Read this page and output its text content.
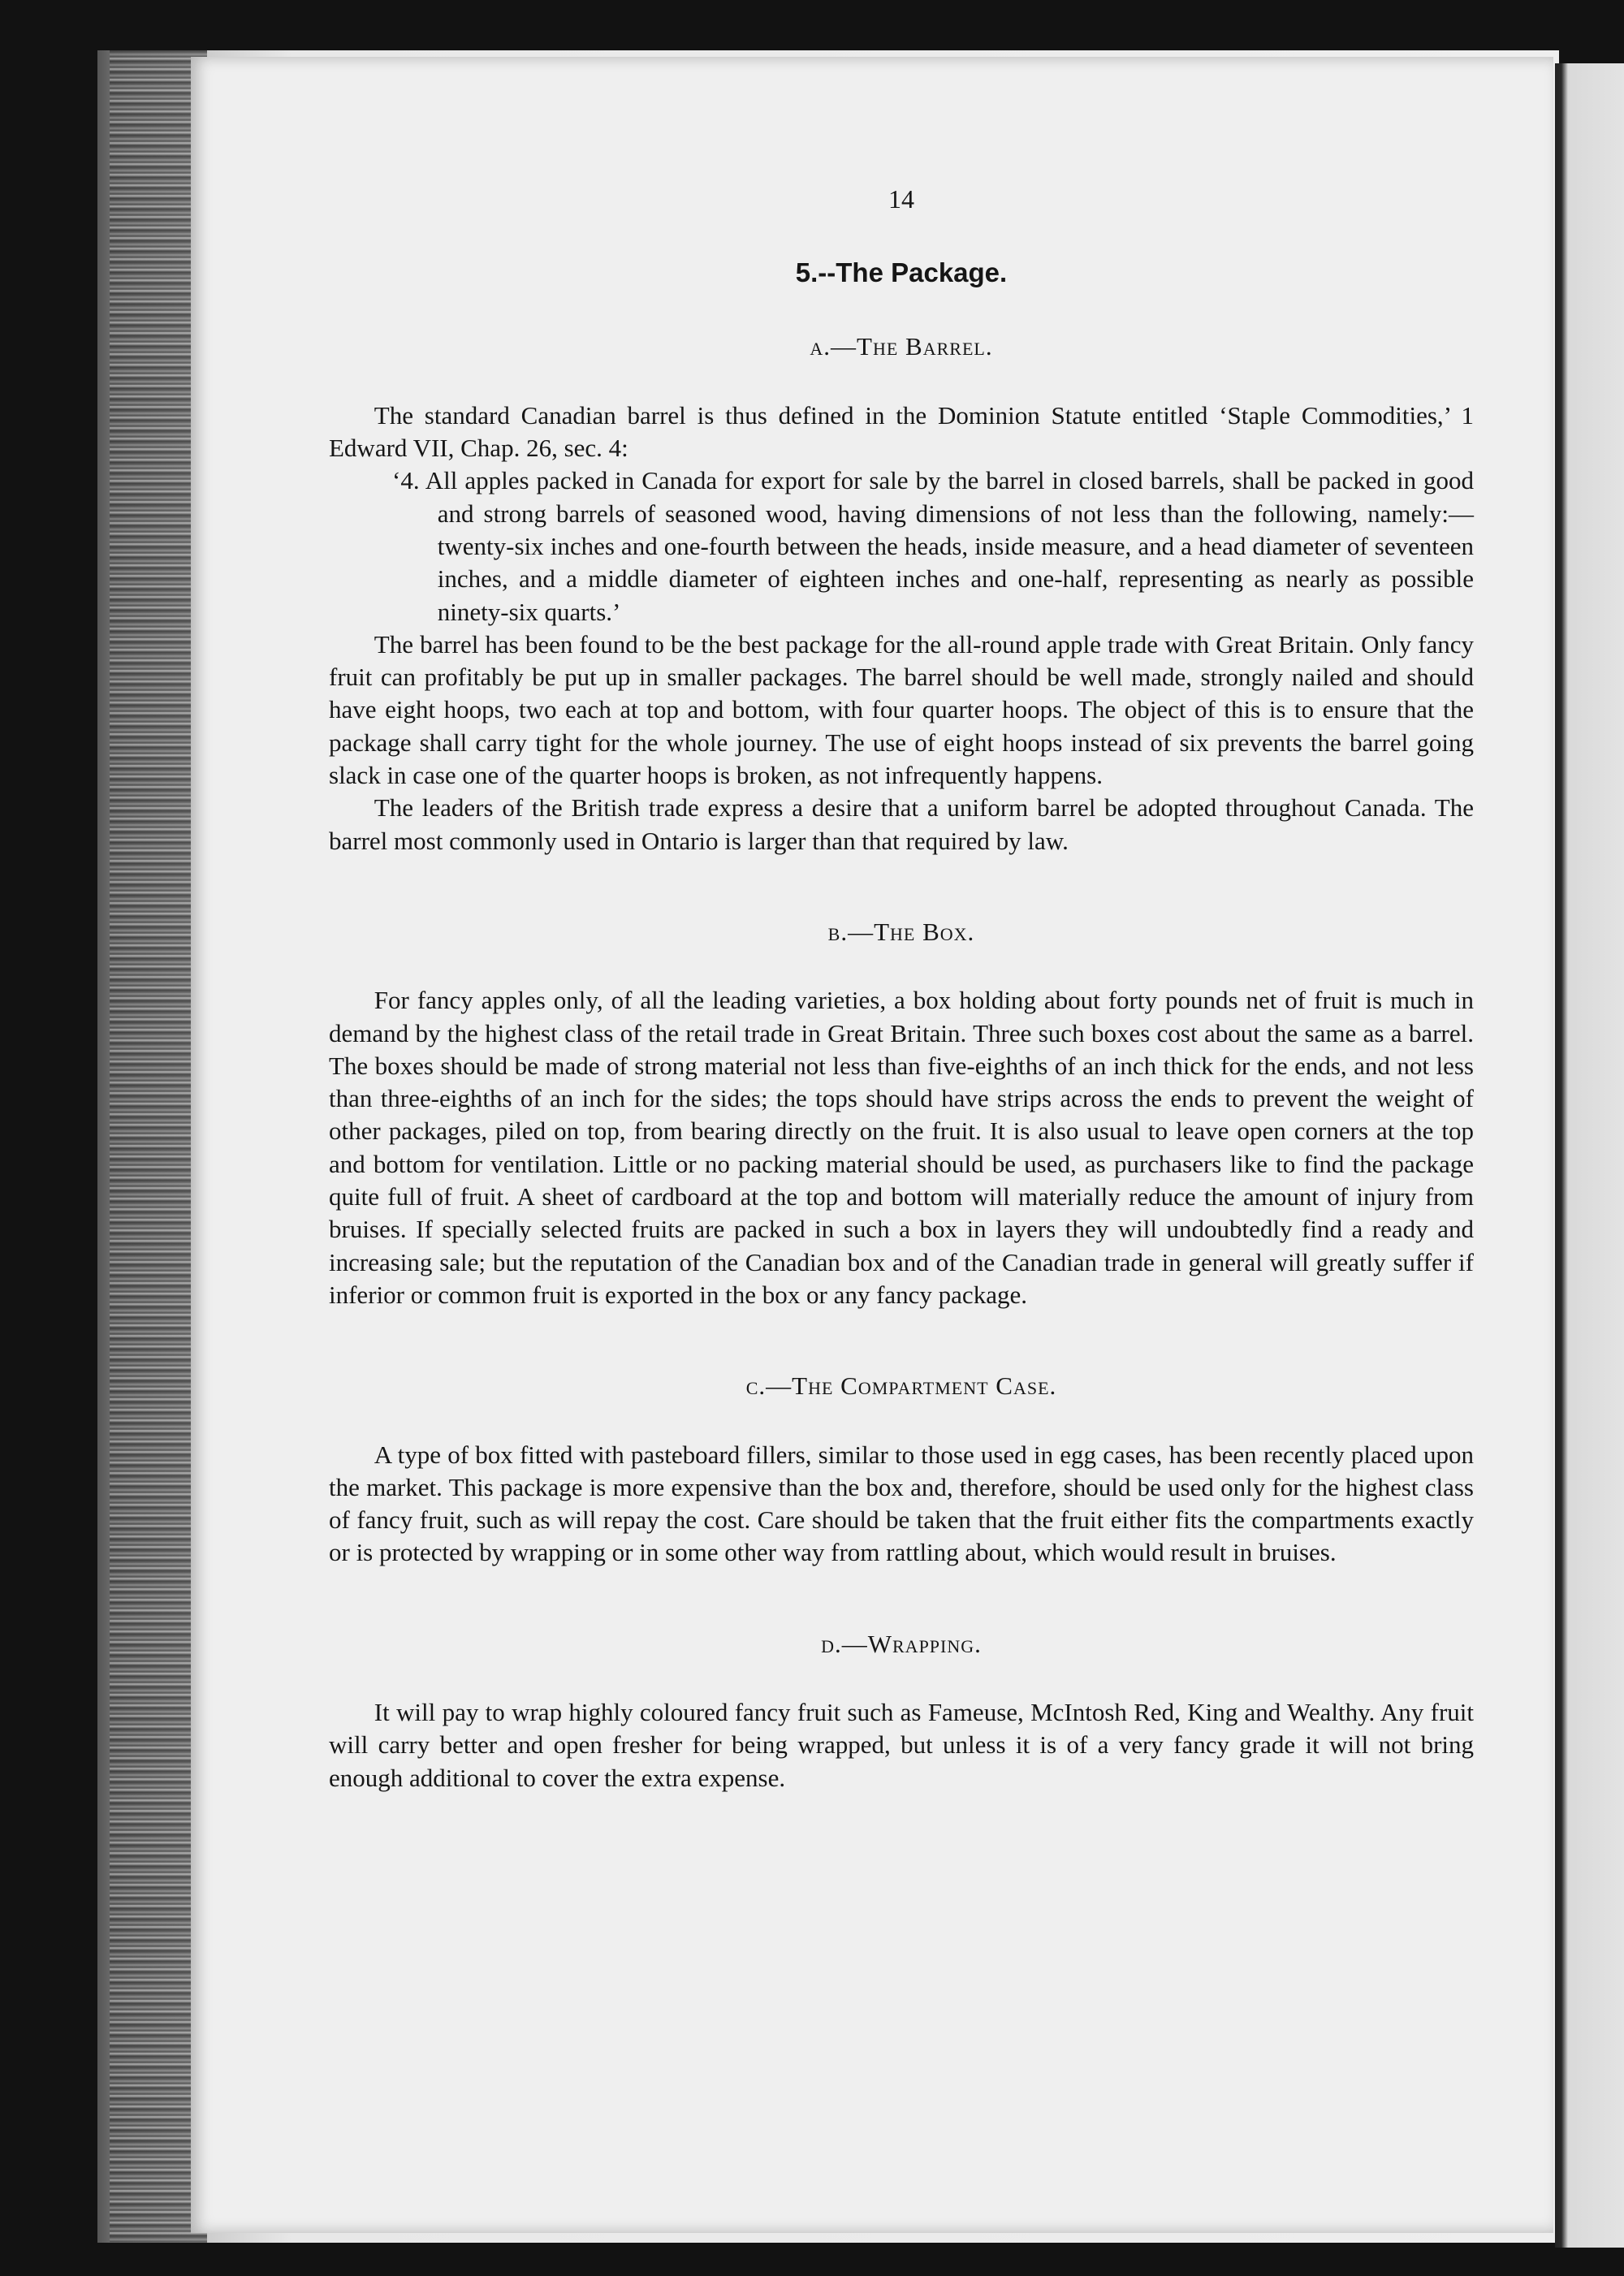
14
5.--The Package.
a.—The Barrel.

The standard Canadian barrel is thus defined in the Dominion Statute entitled ‘Staple Commodities,’ 1 Edward VII, Chap. 26, sec. 4:

‘4. All apples packed in Canada for export for sale by the barrel in closed barrels, shall be packed in good and strong barrels of seasoned wood, having dimensions of not less than the following, namely:—twenty-six inches and one-fourth between the heads, inside measure, and a head diameter of seventeen inches, and a middle diameter of eighteen inches and one-half, representing as nearly as possible ninety-six quarts.’

The barrel has been found to be the best package for the all-round apple trade with Great Britain. Only fancy fruit can profitably be put up in smaller packages. The barrel should be well made, strongly nailed and should have eight hoops, two each at top and bottom, with four quarter hoops. The object of this is to ensure that the package shall carry tight for the whole journey. The use of eight hoops instead of six prevents the barrel going slack in case one of the quarter hoops is broken, as not infrequently happens.

The leaders of the British trade express a desire that a uniform barrel be adopted throughout Canada. The barrel most commonly used in Ontario is larger than that required by law.

b.—The Box.

For fancy apples only, of all the leading varieties, a box holding about forty pounds net of fruit is much in demand by the highest class of the retail trade in Great Britain. Three such boxes cost about the same as a barrel. The boxes should be made of strong material not less than five-eighths of an inch thick for the ends, and not less than three-eighths of an inch for the sides; the tops should have strips across the ends to prevent the weight of other packages, piled on top, from bearing directly on the fruit. It is also usual to leave open corners at the top and bottom for ventilation. Little or no packing material should be used, as purchasers like to find the package quite full of fruit. A sheet of cardboard at the top and bottom will materially reduce the amount of injury from bruises. If specially selected fruits are packed in such a box in layers they will undoubtedly find a ready and increasing sale; but the reputation of the Canadian box and of the Canadian trade in general will greatly suffer if inferior or common fruit is exported in the box or any fancy package.

c.—The Compartment Case.

A type of box fitted with pasteboard fillers, similar to those used in egg cases, has been recently placed upon the market. This package is more expensive than the box and, therefore, should be used only for the highest class of fancy fruit, such as will repay the cost. Care should be taken that the fruit either fits the compartments exactly or is protected by wrapping or in some other way from rattling about, which would result in bruises.

d.—Wrapping.

It will pay to wrap highly coloured fancy fruit such as Fameuse, McIntosh Red, King and Wealthy. Any fruit will carry better and open fresher for being wrapped, but unless it is of a very fancy grade it will not bring enough additional to cover the extra expense.
